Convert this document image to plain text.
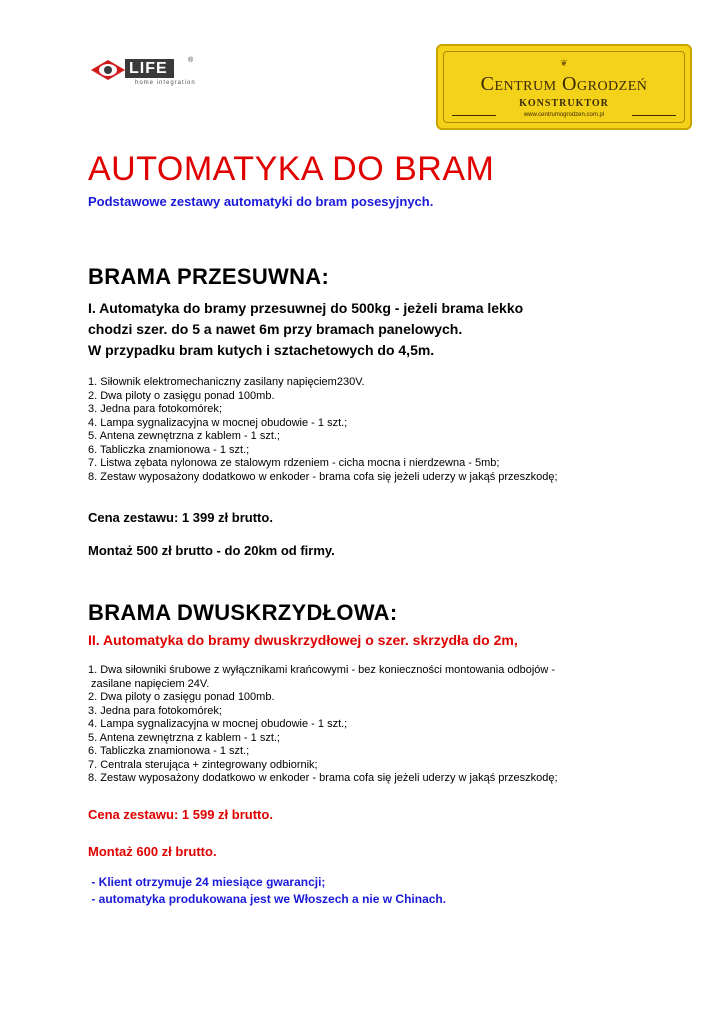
LIFE	®
home integration
❦
Centrum Ogrodzeń
KONSTRUKTOR
www.centrumogrodzen.com.pl
AUTOMATYKA DO BRAM
Podstawowe zestawy automatyki do bram posesyjnych.
BRAMA PRZESUWNA:
I. Automatyka do bramy przesuwnej do 500kg - jeżeli brama lekko
chodzi szer. do 5 a nawet 6m przy bramach panelowych.
W przypadku bram kutych i sztachetowych do 4,5m.
1. Siłownik elektromechaniczny zasilany napięciem230V.
2. Dwa piloty o zasięgu ponad 100mb.
3. Jedna para fotokomórek;
4. Lampa sygnalizacyjna w mocnej obudowie - 1 szt.;
5. Antena zewnętrzna z kablem - 1 szt.;
6. Tabliczka znamionowa - 1 szt.;
7. Listwa zębata nylonowa ze stalowym rdzeniem - cicha mocna i nierdzewna - 5mb;
8. Zestaw wyposażony dodatkowo w enkoder - brama cofa się jeżeli uderzy w jakąś przeszkodę;
Cena zestawu: 1 399 zł brutto.
Montaż 500 zł brutto - do 20km od firmy.
BRAMA DWUSKRZYDŁOWA:
II. Automatyka do bramy dwuskrzydłowej o szer. skrzydła do 2m,
1. Dwa siłowniki śrubowe z wyłącznikami krańcowymi - bez konieczności montowania odbojów -
zasilane napięciem 24V.
2. Dwa piloty o zasięgu ponad 100mb.
3. Jedna para fotokomórek;
4. Lampa sygnalizacyjna w mocnej obudowie - 1 szt.;
5. Antena zewnętrzna z kablem - 1 szt.;
6. Tabliczka znamionowa - 1 szt.;
7. Centrala sterująca + zintegrowany odbiornik;
8. Zestaw wyposażony dodatkowo w enkoder - brama cofa się jeżeli uderzy w jakąś przeszkodę;
Cena zestawu: 1 599 zł brutto.
Montaż 600 zł brutto.
- Klient otrzymuje 24 miesiące gwarancji;
- automatyka produkowana jest we Włoszech a nie w Chinach.
